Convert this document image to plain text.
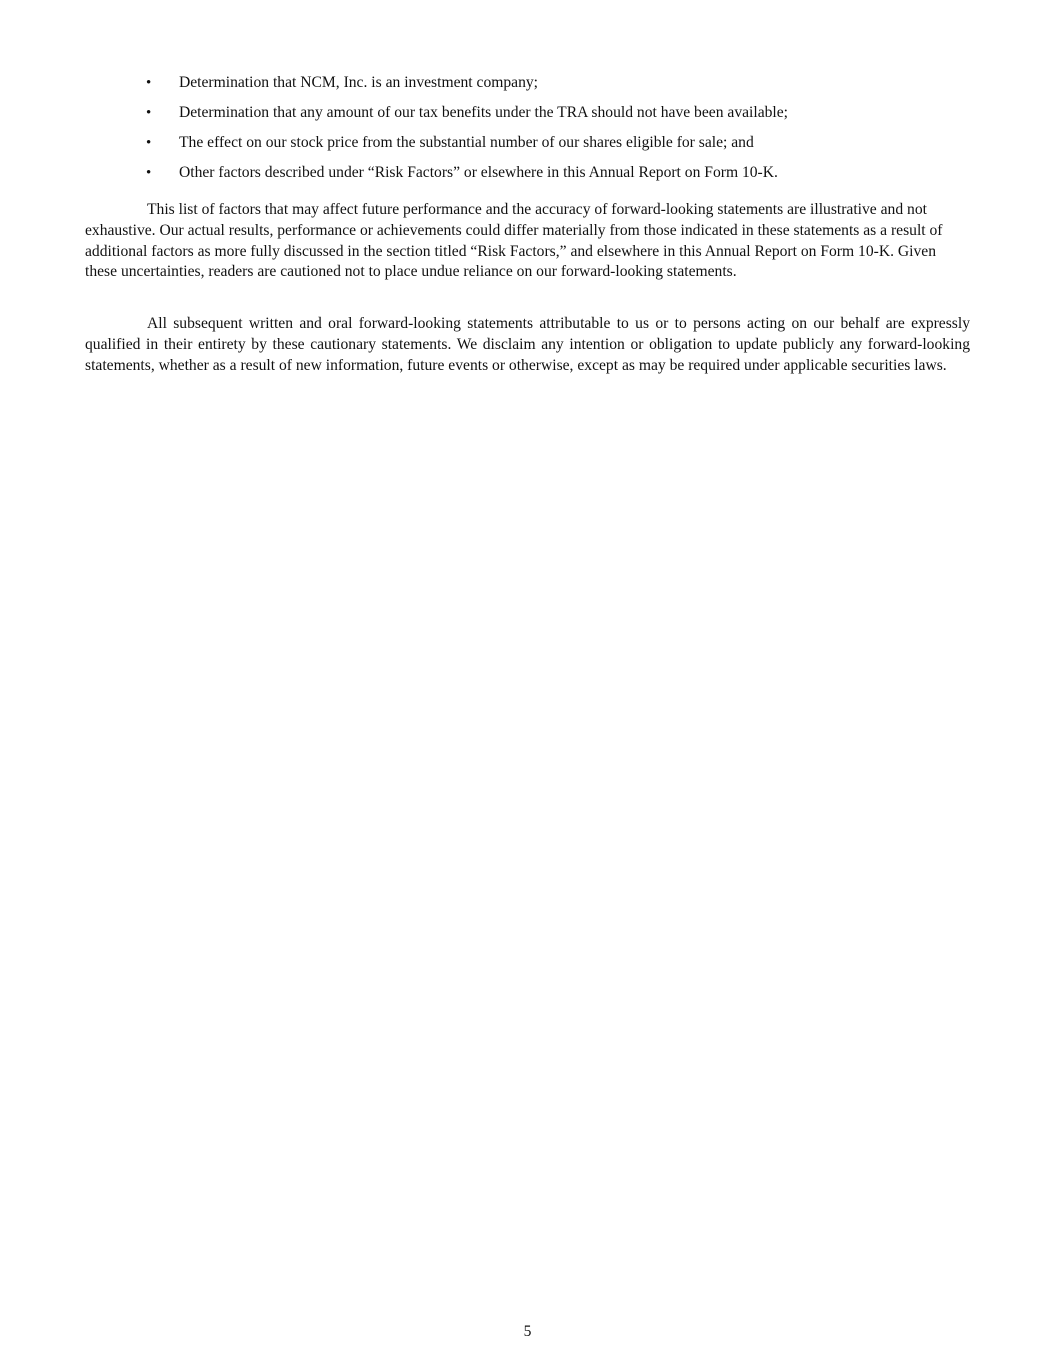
• Determination that NCM, Inc. is an investment company;
• Determination that any amount of our tax benefits under the TRA should not have been available;
• The effect on our stock price from the substantial number of our shares eligible for sale; and
• Other factors described under “Risk Factors” or elsewhere in this Annual Report on Form 10-K.

This list of factors that may affect future performance and the accuracy of forward-looking statements are illustrative and not exhaustive. Our actual results, performance or achievements could differ materially from those indicated in these statements as a result of additional factors as more fully discussed in the section titled “Risk Factors,” and elsewhere in this Annual Report on Form 10-K. Given these uncertainties, readers are cautioned not to place undue reliance on our forward-looking statements.

All subsequent written and oral forward-looking statements attributable to us or to persons acting on our behalf are expressly qualified in their entirety by these cautionary statements. We disclaim any intention or obligation to update publicly any forward-looking statements, whether as a result of new information, future events or otherwise, except as may be required under applicable securities laws.

5
